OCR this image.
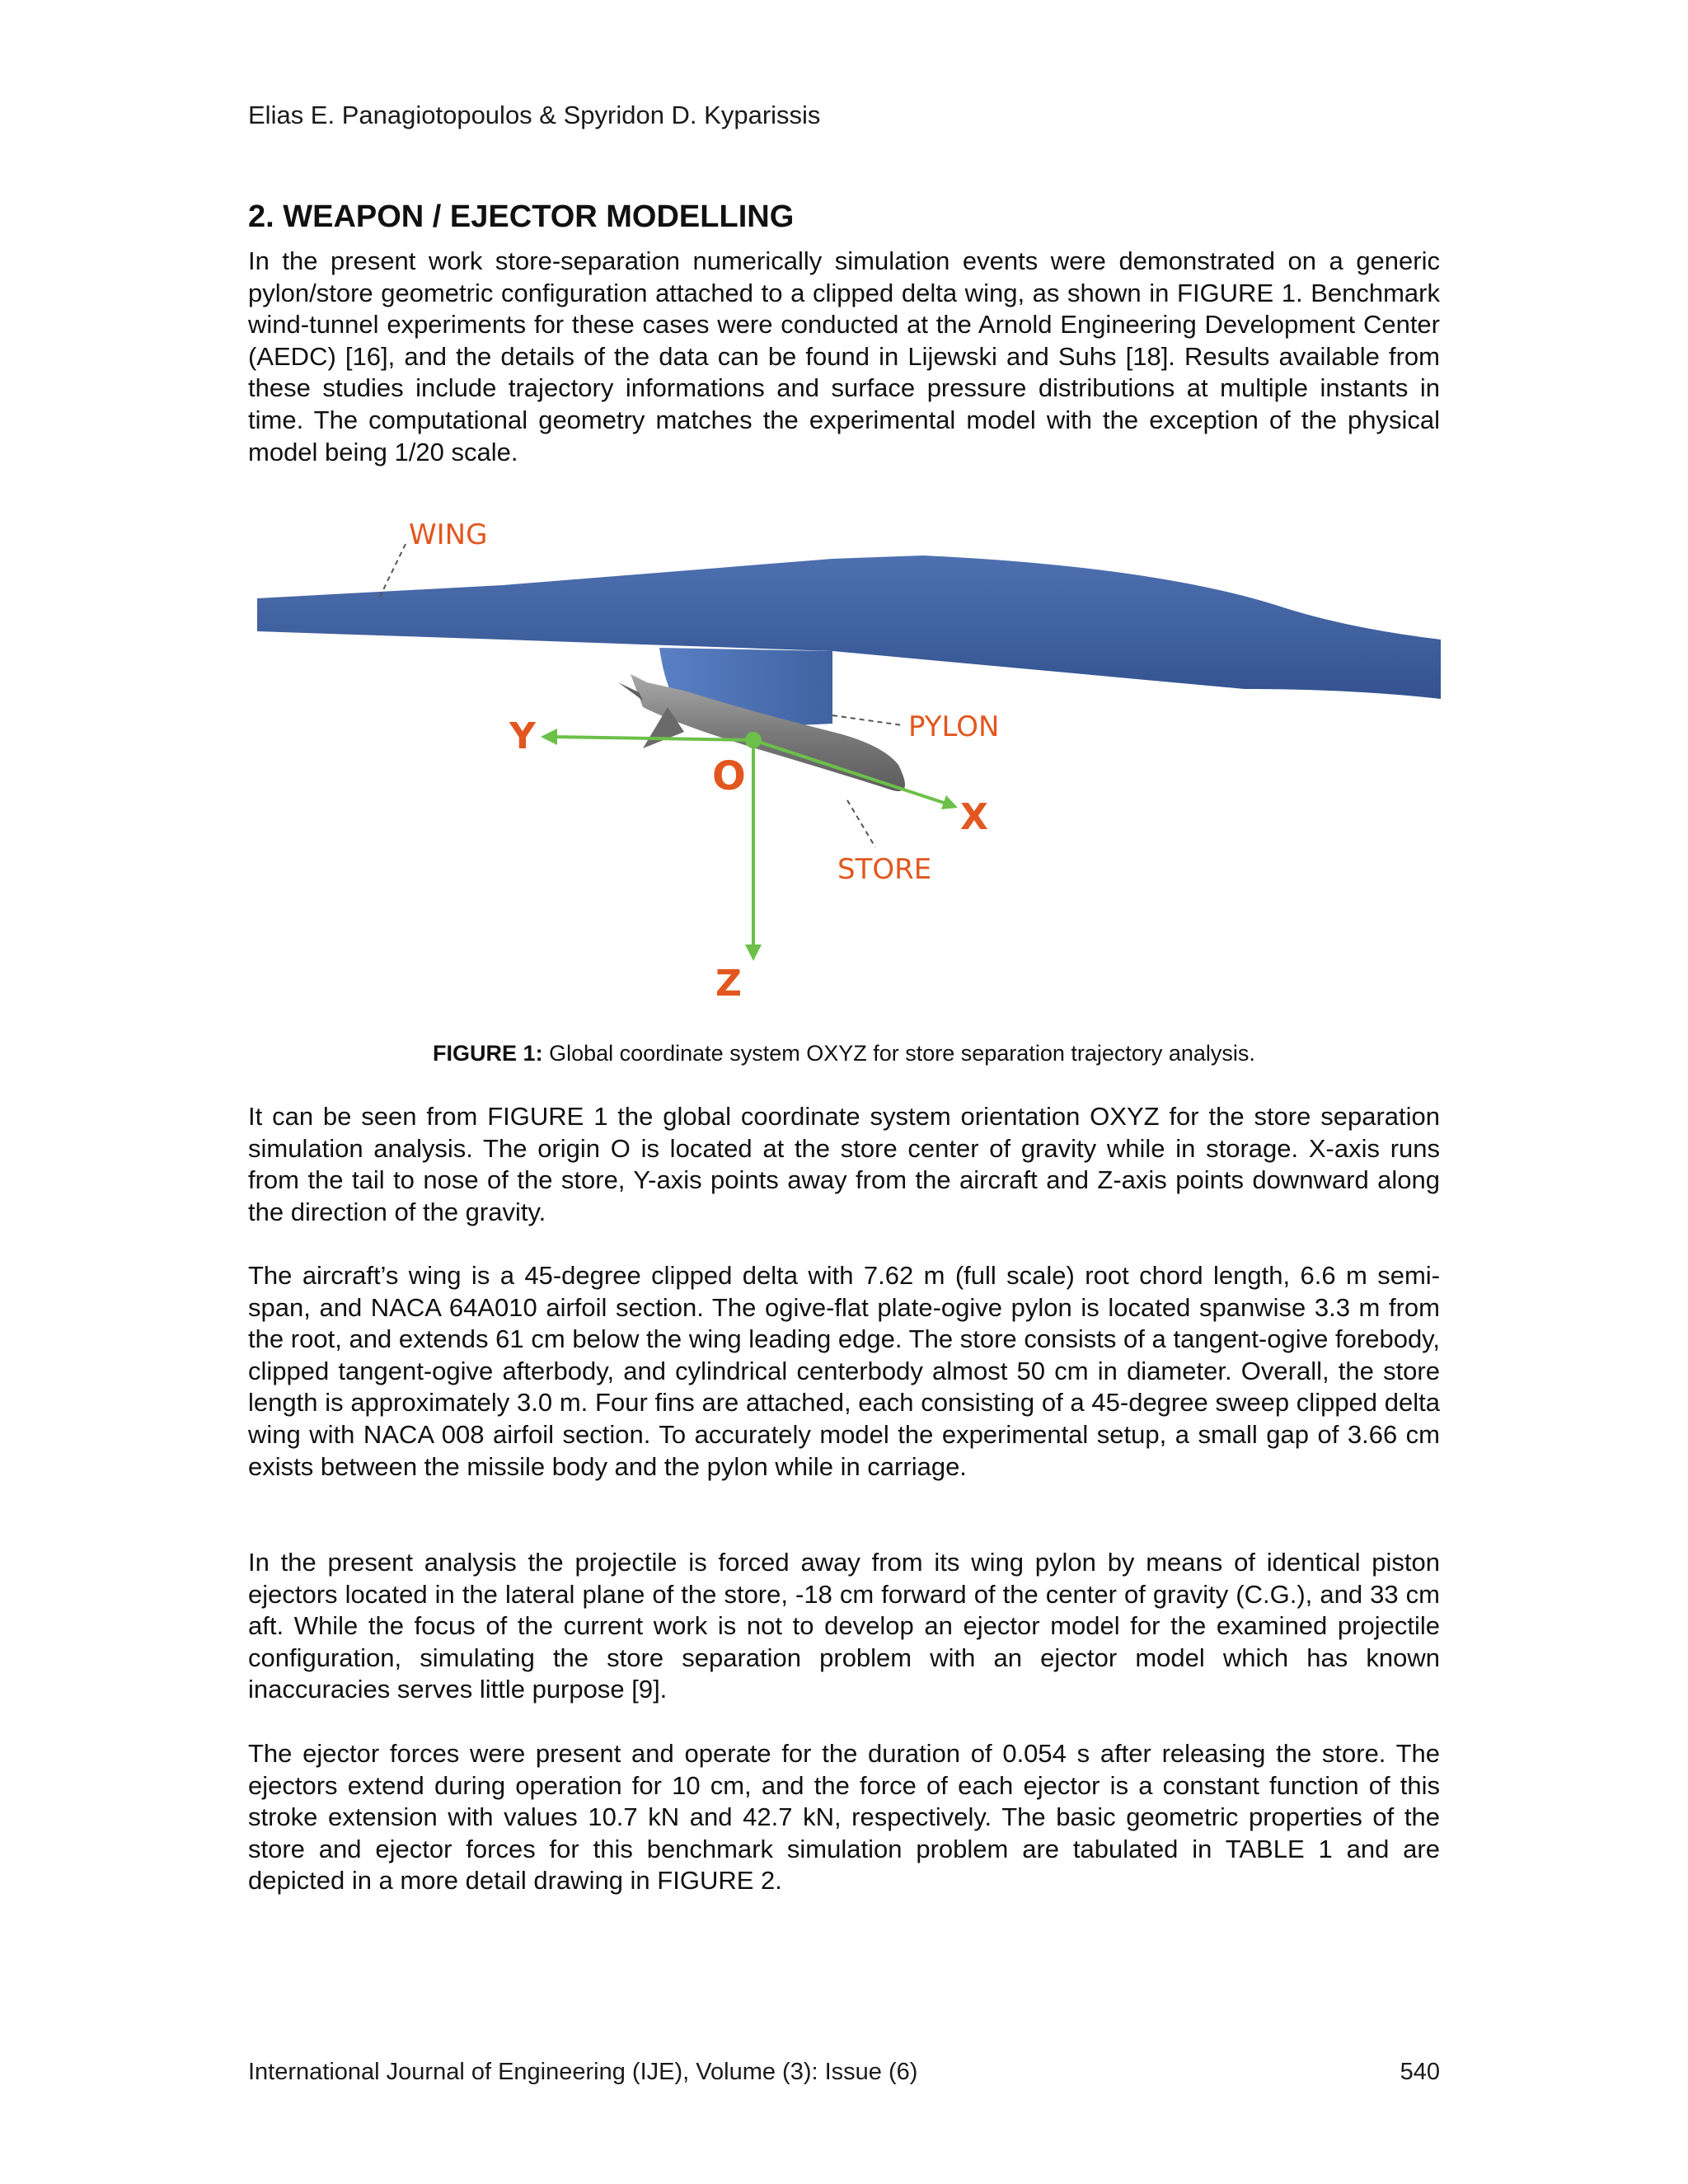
Elias E. Panagiotopoulos & Spyridon D. Kyparissis
2. WEAPON / EJECTOR MODELLING

In the present work store-separation numerically simulation events were demonstrated on a generic pylon/store geometric configuration attached to a clipped delta wing, as shown in FIGURE 1. Benchmark wind-tunnel experiments for these cases were conducted at the Arnold Engineering Development Center (AEDC) [16], and the details of the data can be found in Lijewski and Suhs [18]. Results available from these studies include trajectory informations and surface pressure distributions at multiple instants in time. The computational geometry matches the experimental model with the exception of the physical model being 1/20 scale.

WING
PYLON
STORE
Y
X
Z
O
FIGURE 1: Global coordinate system OXYZ for store separation trajectory analysis.

It can be seen from FIGURE 1 the global coordinate system orientation OXYZ for the store separation simulation analysis. The origin O is located at the store center of gravity while in storage. X-axis runs from the tail to nose of the store, Y-axis points away from the aircraft and Z-axis points downward along the direction of the gravity.

The aircraft’s wing is a 45-degree clipped delta with 7.62 m (full scale) root chord length, 6.6 m semi-span, and NACA 64A010 airfoil section. The ogive-flat plate-ogive pylon is located spanwise 3.3 m from the root, and extends 61 cm below the wing leading edge. The store consists of a tangent-ogive forebody, clipped tangent-ogive afterbody, and cylindrical centerbody almost 50 cm in diameter. Overall, the store length is approximately 3.0 m. Four fins are attached, each consisting of a 45-degree sweep clipped delta wing with NACA 008 airfoil section. To accurately model the experimental setup, a small gap of 3.66 cm exists between the missile body and the pylon while in carriage.

In the present analysis the projectile is forced away from its wing pylon by means of identical piston ejectors located in the lateral plane of the store, -18 cm forward of the center of gravity (C.G.), and 33 cm aft. While the focus of the current work is not to develop an ejector model for the examined projectile configuration, simulating the store separation problem with an ejector model which has known inaccuracies serves little purpose [9].

The ejector forces were present and operate for the duration of 0.054 s after releasing the store. The ejectors extend during operation for 10 cm, and the force of each ejector is a constant function of this stroke extension with values 10.7 kN and 42.7 kN, respectively. The basic geometric properties of the store and ejector forces for this benchmark simulation problem are tabulated in TABLE 1 and are depicted in a more detail drawing in FIGURE 2.

International Journal of Engineering (IJE), Volume (3): Issue (6)	540
